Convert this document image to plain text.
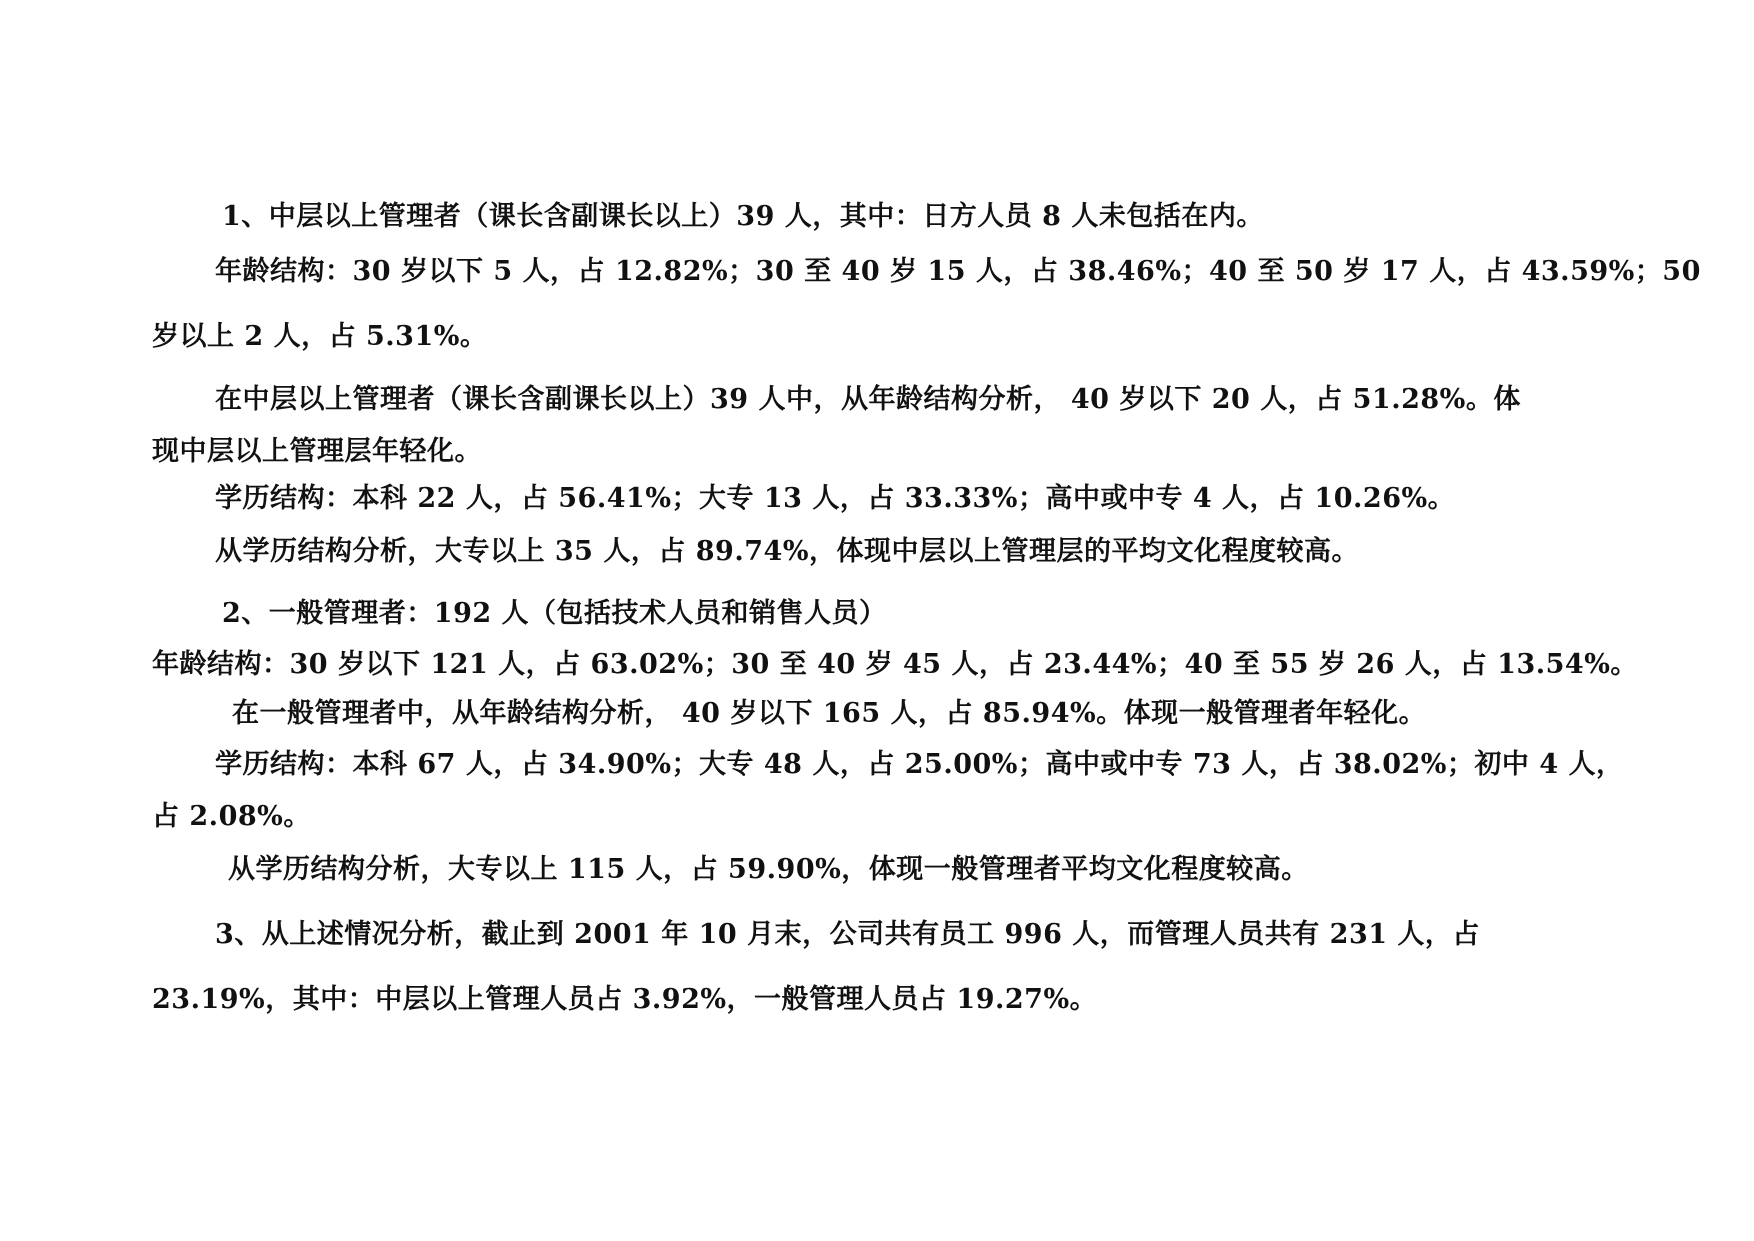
1、中层以上管理者（课长含副课长以上）39 人，其中：日方人员 8 人未包括在内。
年龄结构：30 岁以下 5 人，占 12.82%；30 至 40 岁 15 人，占 38.46%；40 至 50 岁 17 人，占 43.59%；50
岁以上 2 人，占 5.31%。
在中层以上管理者（课长含副课长以上）39 人中，从年龄结构分析， 40 岁以下 20 人，占 51.28%。体
现中层以上管理层年轻化。
学历结构：本科 22 人，占 56.41%；大专 13 人，占 33.33%；高中或中专 4 人，占 10.26%。
从学历结构分析，大专以上 35 人，占 89.74%，体现中层以上管理层的平均文化程度较高。
2、一般管理者：192 人（包括技术人员和销售人员）
年龄结构：30 岁以下 121 人，占 63.02%；30 至 40 岁 45 人，占 23.44%；40 至 55 岁 26 人，占 13.54%。
在一般管理者中，从年龄结构分析， 40 岁以下 165 人，占 85.94%。体现一般管理者年轻化。
学历结构：本科 67 人，占 34.90%；大专 48 人，占 25.00%；高中或中专 73 人，占 38.02%；初中 4 人，
占 2.08%。
从学历结构分析，大专以上 115 人，占 59.90%，体现一般管理者平均文化程度较高。
3、从上述情况分析，截止到 2001 年 10 月末，公司共有员工 996 人，而管理人员共有 231 人，占
23.19%，其中：中层以上管理人员占 3.92%，一般管理人员占 19.27%。
